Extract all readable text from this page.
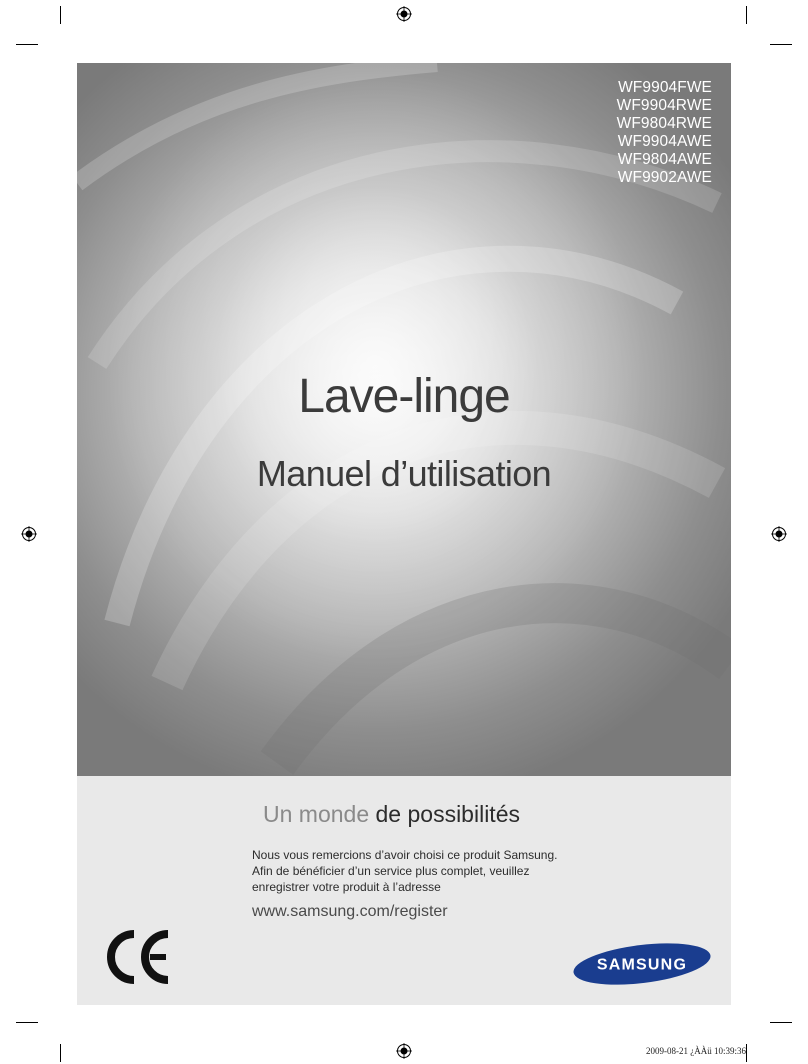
WF9904FWE
WF9904RWE
WF9804RWE
WF9904AWE
WF9804AWE
WF9902AWE
Lave-linge
Manuel d’utilisation
Un monde de possibilités
Nous vous remercions d’avoir choisi ce produit Samsung.
Afin de bénéficier d’un service plus complet, veuillez
enregistrer votre produit à l’adresse
www.samsung.com/register
SAMSUNG
2009-08-21 ¿ÀÀü 10:39:36
